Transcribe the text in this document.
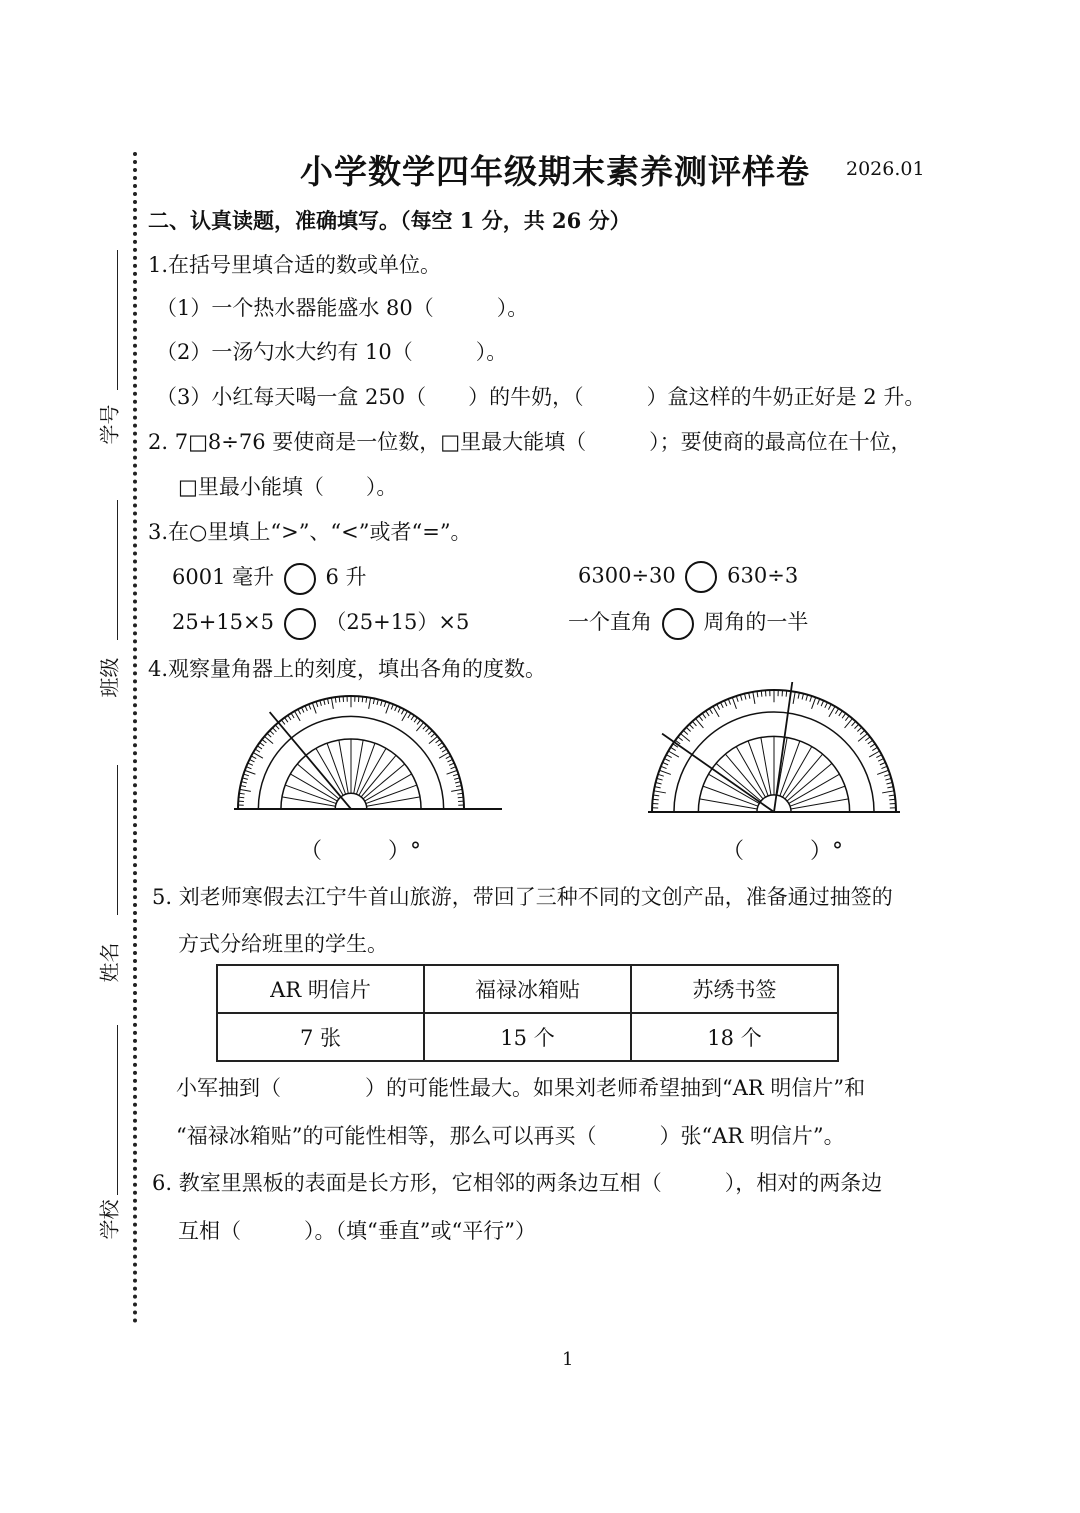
学号
班级
姓名
学校
小学数学四年级期末素养测评样卷 2026.01
二、认真读题，准确填写。（每空 1 分，共 26 分）
1.在括号里填合适的数或单位。
（1）一个热水器能盛水 80（　　　）。
（2）一汤勺水大约有 10（　　　）。
（3）小红每天喝一盒 250（　　）的牛奶，（　　　）盒这样的牛奶正好是 2 升。
2. 7□8÷76 要使商是一位数，□里最大能填（　　　）；要使商的最高位在十位，
□里最小能填（　　）。
3.在○里填上“>”、“<”或者“=”。
6001 毫升 6 升	6300÷30 630÷3
25+15×5 （25+15）×5	一个直角 周角的一半
4.观察量角器上的刻度，填出各角的度数。
（　　　）°	（　　　）°
5. 刘老师寒假去江宁牛首山旅游，带回了三种不同的文创产品，准备通过抽签的
方式分给班里的学生。
AR 明信片	福禄冰箱贴	苏绣书签
7 张	15 个	18 个
小军抽到（　　　　）的可能性最大。如果刘老师希望抽到“AR 明信片”和
“福禄冰箱贴”的可能性相等，那么可以再买（　　　）张“AR 明信片”。
6. 教室里黑板的表面是长方形，它相邻的两条边互相（　　　），相对的两条边
互相（　　　）。（填“垂直”或“平行”）
1
